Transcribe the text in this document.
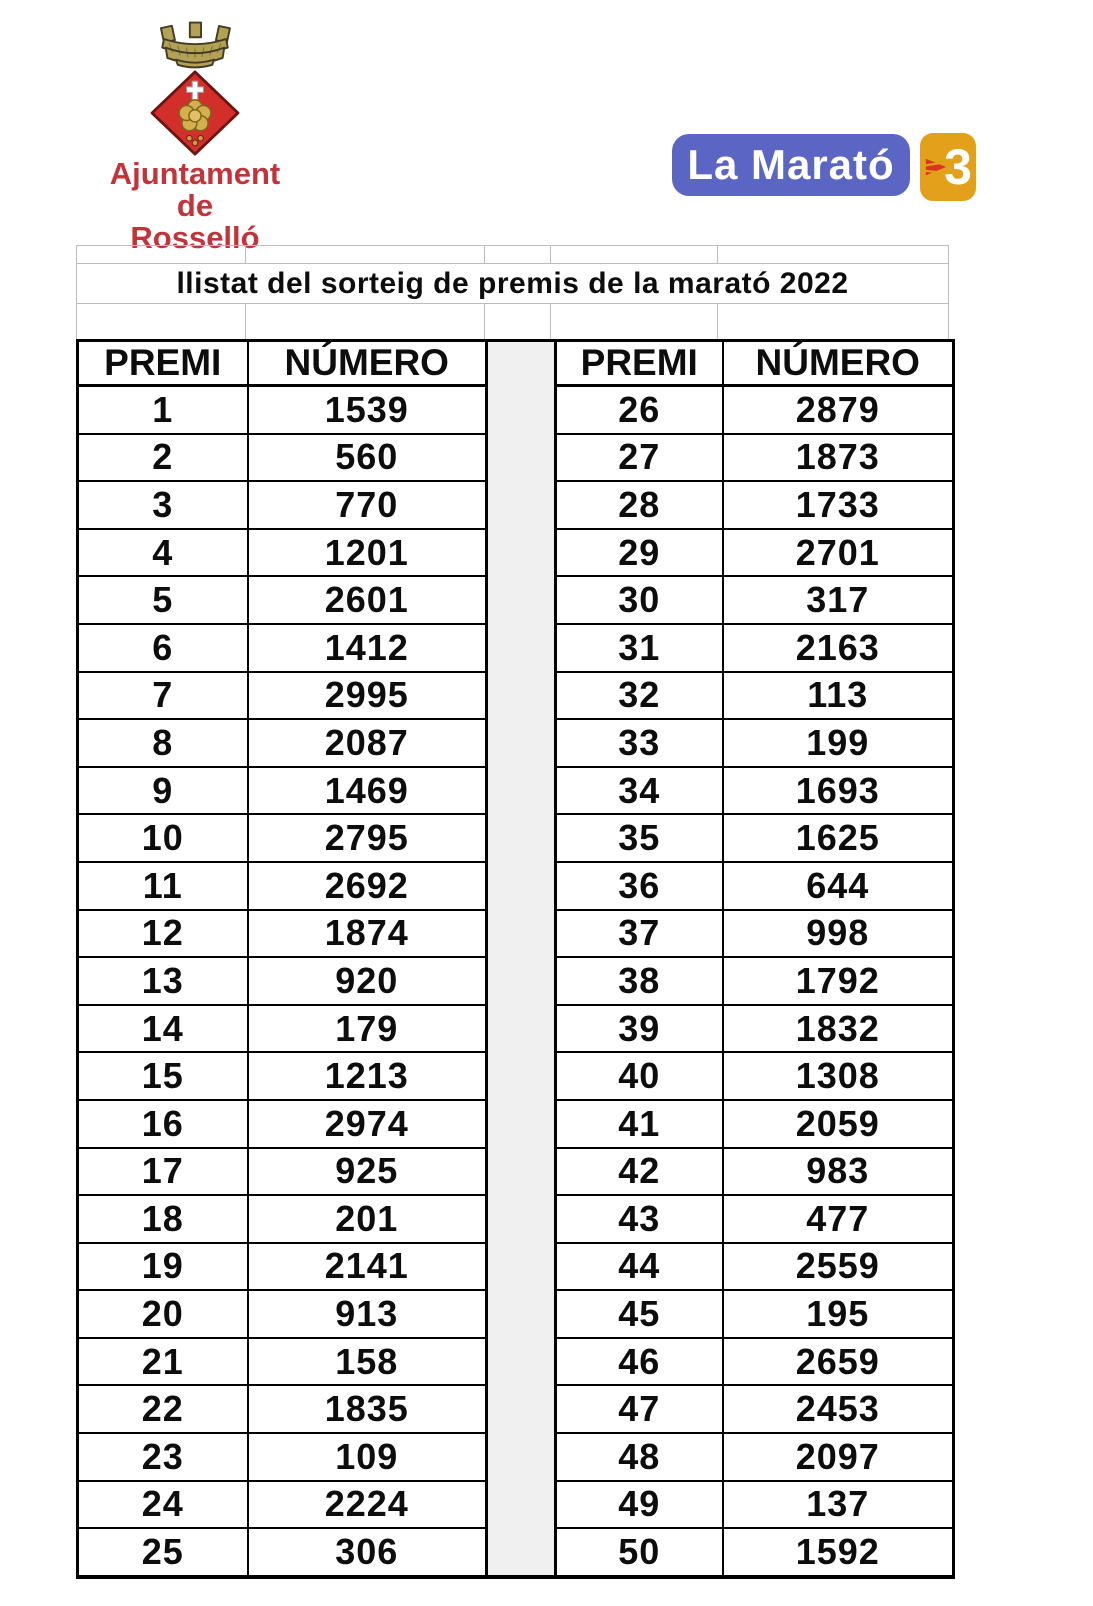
Ajuntament de
Rosselló
La Marató 3
llistat del sorteig de premis de la marató 2022
PREMI	NÚMERO
1	1539
2	560
3	770
4	1201
5	2601
6	1412
7	2995
8	2087
9	1469
10	2795
11	2692
12	1874
13	920
14	179
15	1213
16	2974
17	925
18	201
19	2141
20	913
21	158
22	1835
23	109
24	2224
25	306
PREMI	NÚMERO
26	2879
27	1873
28	1733
29	2701
30	317
31	2163
32	113
33	199
34	1693
35	1625
36	644
37	998
38	1792
39	1832
40	1308
41	2059
42	983
43	477
44	2559
45	195
46	2659
47	2453
48	2097
49	137
50	1592
